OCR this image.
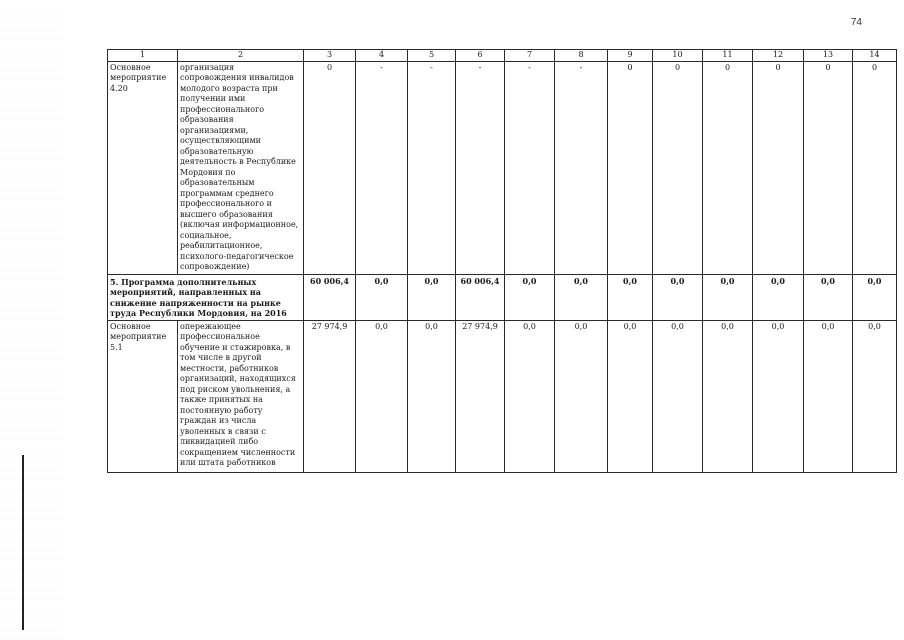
74
1	2	3	4	5	6	7	8	9	10	11	12	13	14
Основное мероприятие 4.20	организация сопровождения инвалидов молодого возраста при получении ими профессионального образования организациями, осуществляющими образовательную деятельность в Республике Мордовия по образовательным программам среднего профессионального и высшего образования (включая информационное, социальное, реабилитационное, психолого-педагогическое сопровождение)	0	-	-	-	-	-	0	0	0	0	0	0
5. Программа дополнительных мероприятий, направленных на снижение напряженности на рынке труда Республики Мордовия, на 2016		60 006,4	0,0	0,0	60 006,4	0,0	0,0	0,0	0,0	0,0	0,0	0,0	0,0
Основное мероприятие 5.1	опережающее профессиональное обучение и стажировка, в том числе в другой местности, работников организаций, находящихся под риском увольнения, а также принятых на постоянную работу граждан из числа уволенных в связи с ликвидацией либо сокращением численности или штата работников	27 974,9	0,0	0,0	27 974,9	0,0	0,0	0,0	0,0	0,0	0,0	0,0	0,0
